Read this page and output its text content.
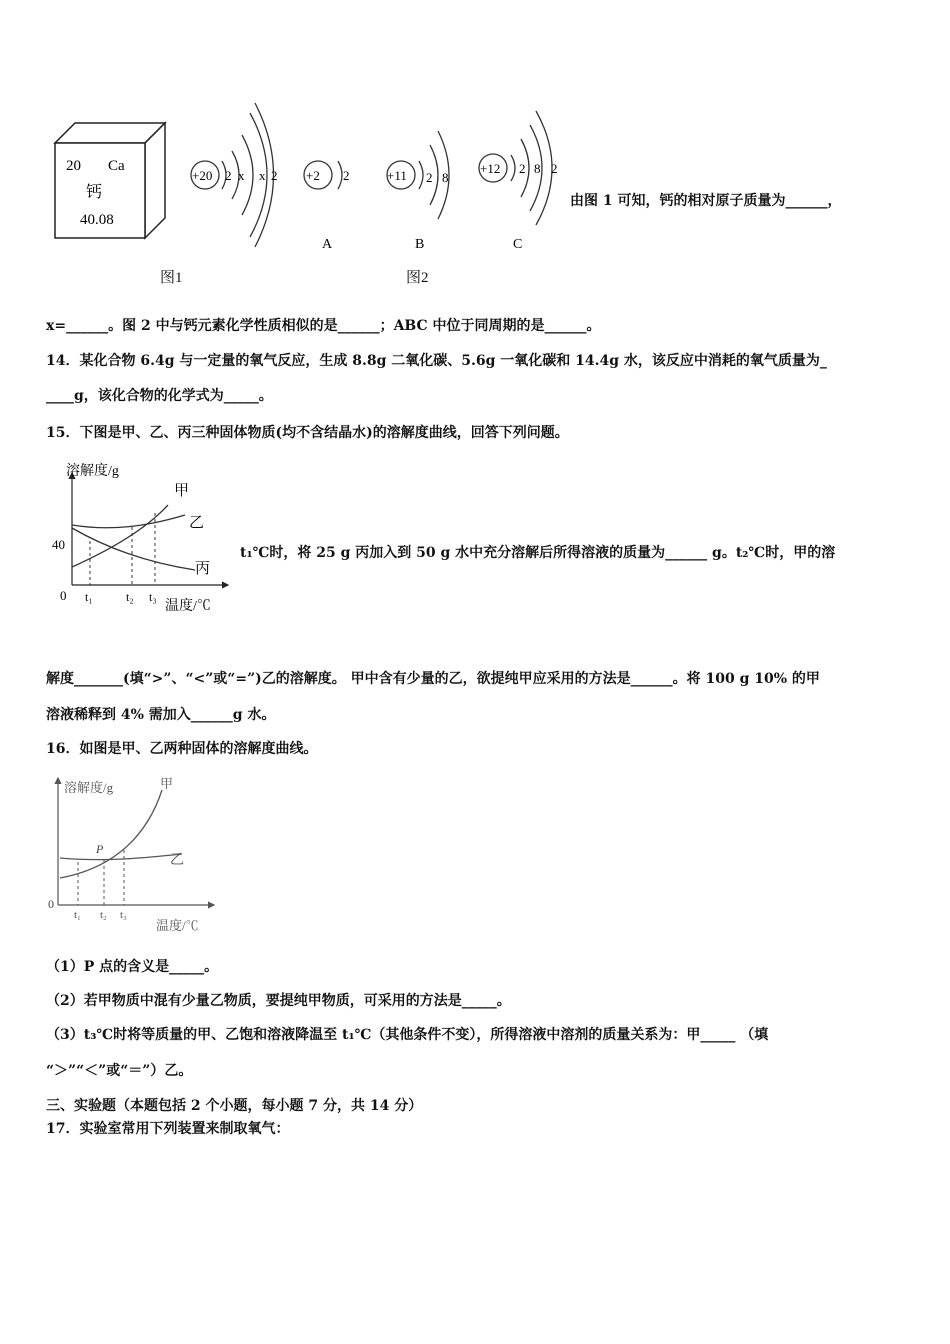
20 Ca
钙
40.08
图1
+20 2 x x 2 +2 2
A
+11 2 8
B
+12 2 8 2
C
图2
由图 1 可知，钙的相对原子质量为______，
x=______。图 2 中与钙元素化学性质相似的是______；ABC 中位于同周期的是______。
14．某化合物 6.4g 与一定量的氧气反应，生成 8.8g 二氧化碳、5.6g 一氧化碳和 14.4g 水，该反应中消耗的氧气质量为_
____g，该化合物的化学式为_____。
15．下图是甲、乙、丙三种固体物质(均不含结晶水)的溶解度曲线，回答下列问题。
溶解度/g
温度/℃
0
40
t₁	t₂ t₃
甲
乙
丙
t₁℃时，将 25 g 丙加入到 50 g 水中充分溶解后所得溶液的质量为______ g。t₂℃时，甲的溶
解度_______(填“>”、“<”或“=”)乙的溶解度。 甲中含有少量的乙，欲提纯甲应采用的方法是______。将 100 g 10% 的甲
溶液稀释到 4% 需加入______g 水。
16．如图是甲、乙两种固体的溶解度曲线。
溶解度/g
温度/℃
0
P
t₁ t₂ t₃
甲
乙
（1）P 点的含义是_____。
（2）若甲物质中混有少量乙物质，要提纯甲物质，可采用的方法是_____。
（3）t₃℃时将等质量的甲、乙饱和溶液降温至 t₁℃（其他条件不变），所得溶液中溶剂的质量关系为：甲_____ （填
“＞”“＜”或“＝”）乙。
三、实验题（本题包括 2 个小题，每小题 7 分，共 14 分）
17．实验室常用下列装置来制取氧气：
